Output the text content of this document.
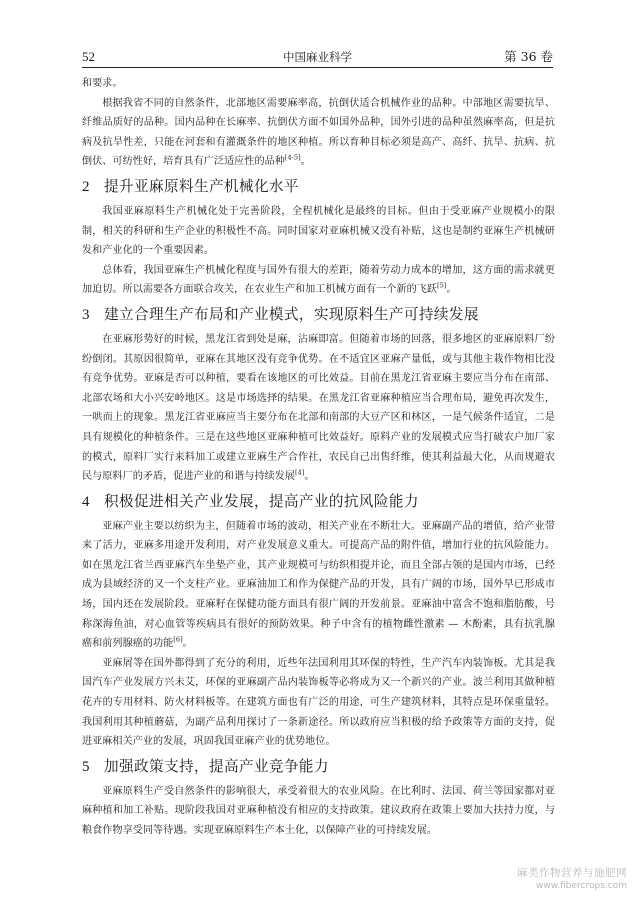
52	中国麻业科学	第 36 卷

和要求。

根据我省不同的自然条件，北部地区需要麻率高，抗倒伏适合机械作业的品种。中部地区需要抗旱、纤维品质好的品种。国内品种在长麻率、抗倒伏方面不如国外品种，国外引进的品种虽然麻率高，但是抗病及抗旱性差，只能在河套和有灌溉条件的地区种植。所以育种目标必须是高产、高纤、抗旱、抗病、抗倒伏、可纺性好，培育具有广泛适应性的品种[4-5]。

2 提升亚麻原料生产机械化水平

我国亚麻原料生产机械化处于完善阶段，全程机械化是最终的目标。但由于受亚麻产业规模小的限制，相关的科研和生产企业的积极性不高。同时国家对亚麻机械又没有补贴，这也是制约亚麻生产机械研发和产业化的一个重要因素。

总体看，我国亚麻生产机械化程度与国外有很大的差距，随着劳动力成本的增加，这方面的需求就更加迫切。所以需要各方面联合攻关，在农业生产和加工机械方面有一个新的飞跃[5]。

3 建立合理生产布局和产业模式，实现原料生产可持续发展

在亚麻形势好的时候，黑龙江省到处是麻，沾麻即富。但随着市场的回落，很多地区的亚麻原料厂纷纷倒闭。其原因很简单，亚麻在其地区没有竞争优势。在不适宜区亚麻产量低，或与其他主栽作物相比没有竞争优势。亚麻是否可以种植，要看在该地区的可比效益。目前在黑龙江省亚麻主要应当分布在南部、北部农场和大小兴安岭地区。这是市场选择的结果。在黑龙江省亚麻种植应当合理布局，避免再次发生，一哄而上的现象。黑龙江省亚麻应当主要分布在北部和南部的大豆产区和林区，一是气候条件适宜，二是具有规模化的种植条件。三是在这些地区亚麻种植可比效益好。原料产业的发展模式应当打破农户加厂家的模式，原料厂实行来料加工或建立亚麻生产合作社，农民自己出售纤维，使其利益最大化，从而规避农民与原料厂的矛盾，促进产业的和谐与持续发展[4]。

4 积极促进相关产业发展，提高产业的抗风险能力

亚麻产业主要以纺织为主，但随着市场的波动，相关产业在不断壮大。亚麻副产品的增值，给产业带来了活力，亚麻多用途开发利用，对产业发展意义重大。可提高产品的附件值，增加行业的抗风险能力。如在黑龙江省兰西亚麻汽车坐垫产业，其产业规模可与纺织相提并论，而且全部占领的是国内市场，已经成为县域经济的又一个支柱产业。亚麻油加工和作为保健产品的开发，具有广阔的市场，国外早已形成市场，国内还在发展阶段。亚麻籽在保健功能方面具有很广阔的开发前景。亚麻油中富含不饱和脂肪酸，号称深海鱼油，对心血管等疾病具有很好的预防效果。种子中含有的植物雌性激素 — 木酚素，具有抗乳腺癌和前列腺癌的功能[6]。

亚麻屑等在国外都得到了充分的利用，近些年法国利用其环保的特性，生产汽车内装饰板。尤其是我国汽车产业发展方兴未艾，环保的亚麻副产品内装饰板等必将成为又一个新兴的产业。波兰利用其做种植花卉的专用材料、防火材料板等。在建筑方面也有广泛的用途，可生产建筑材料，其特点是环保重量轻。我国利用其种植蘑菇，为副产品利用探讨了一条新途径。所以政府应当积极的给予政策等方面的支持，促进亚麻相关产业的发展，巩固我国亚麻产业的优势地位。

5 加强政策支持，提高产业竞争能力

亚麻原料生产受自然条件的影响很大，承受着很大的农业风险。在比利时、法国、荷兰等国家都对亚麻种植和加工补贴。现阶段我国对亚麻种植没有相应的支持政策。建议政府在政策上要加大扶持力度，与粮食作物享受同等待遇。实现亚麻原料生产本土化，以保障产业的可持续发展。

麻类作物营养与施肥网
www.fibercrops.com
